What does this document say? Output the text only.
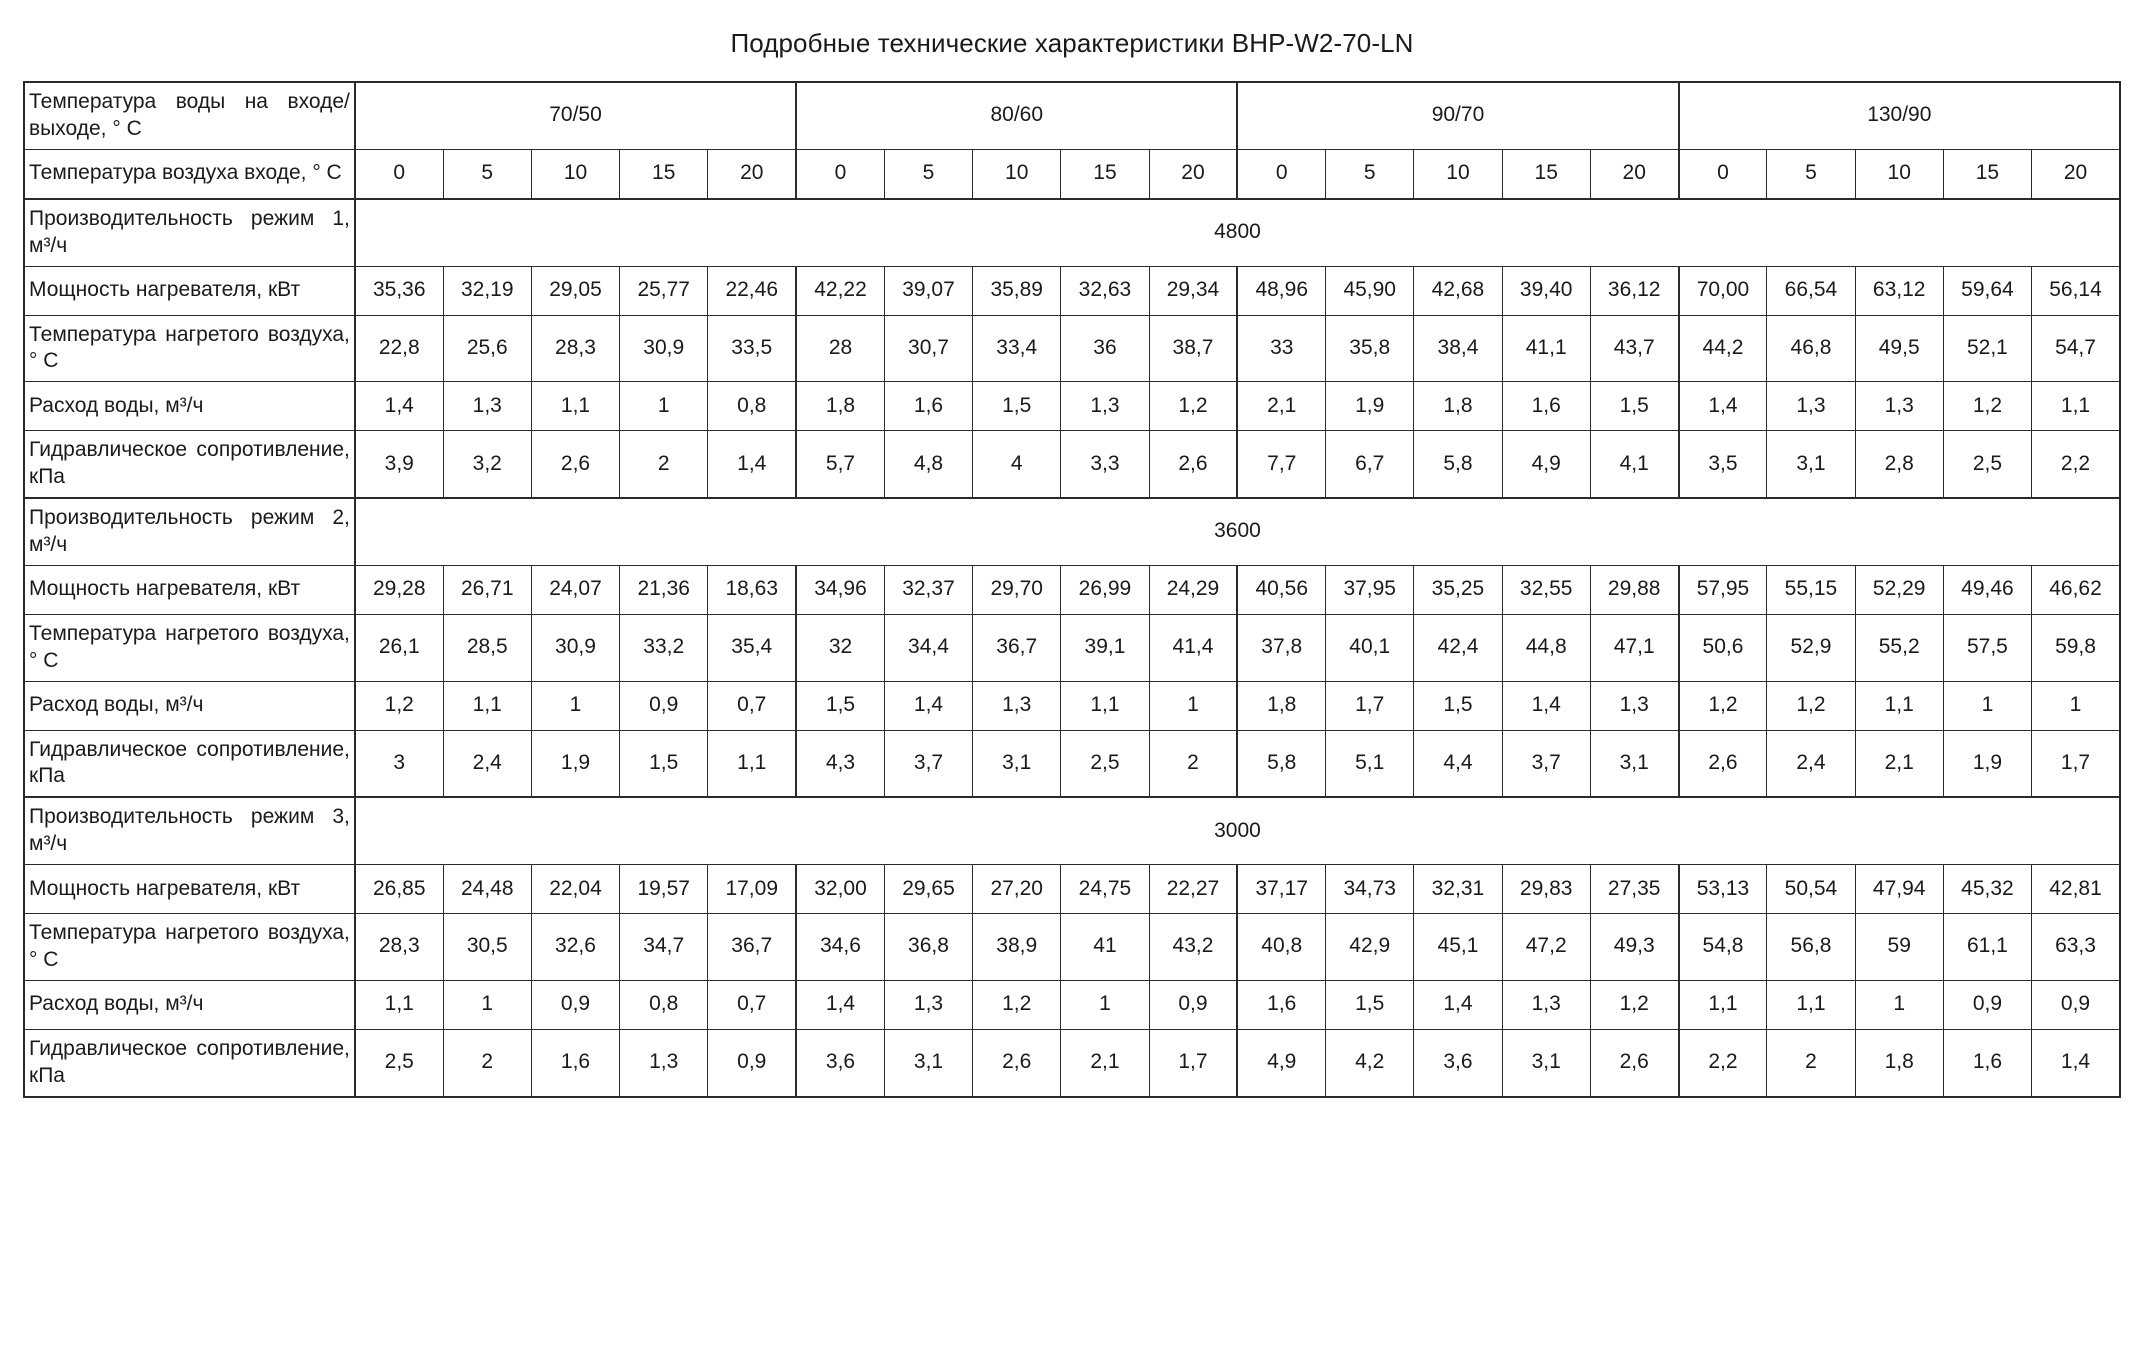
Подробные технические характеристики BHP-W2-70-LN
Температура воды на входе/выходе, ° С	70/50					80/60					90/70					130/90				

Температура воздуха входе, ° С	0	5	10	15	20	0	5	10	15	20	0	5	10	15	20	0	5	10	15	20

Производительность режим 1, м³/ч	4800																			

Мощность нагревателя, кВт	35,36	32,19	29,05	25,77	22,46	42,22	39,07	35,89	32,63	29,34	48,96	45,90	42,68	39,40	36,12	70,00	66,54	63,12	59,64	56,14

Температура нагретого воздуха, ° С	22,8	25,6	28,3	30,9	33,5	28	30,7	33,4	36	38,7	33	35,8	38,4	41,1	43,7	44,2	46,8	49,5	52,1	54,7

Расход воды, м³/ч	1,4	1,3	1,1	1	0,8	1,8	1,6	1,5	1,3	1,2	2,1	1,9	1,8	1,6	1,5	1,4	1,3	1,3	1,2	1,1

Гидравлическое сопротивление, кПа	3,9	3,2	2,6	2	1,4	5,7	4,8	4	3,3	2,6	7,7	6,7	5,8	4,9	4,1	3,5	3,1	2,8	2,5	2,2

Производительность режим 2, м³/ч	3600																			

Мощность нагревателя, кВт	29,28	26,71	24,07	21,36	18,63	34,96	32,37	29,70	26,99	24,29	40,56	37,95	35,25	32,55	29,88	57,95	55,15	52,29	49,46	46,62

Температура нагретого воздуха, ° С	26,1	28,5	30,9	33,2	35,4	32	34,4	36,7	39,1	41,4	37,8	40,1	42,4	44,8	47,1	50,6	52,9	55,2	57,5	59,8

Расход воды, м³/ч	1,2	1,1	1	0,9	0,7	1,5	1,4	1,3	1,1	1	1,8	1,7	1,5	1,4	1,3	1,2	1,2	1,1	1	1

Гидравлическое сопротивление, кПа	3	2,4	1,9	1,5	1,1	4,3	3,7	3,1	2,5	2	5,8	5,1	4,4	3,7	3,1	2,6	2,4	2,1	1,9	1,7

Производительность режим 3, м³/ч	3000																			

Мощность нагревателя, кВт	26,85	24,48	22,04	19,57	17,09	32,00	29,65	27,20	24,75	22,27	37,17	34,73	32,31	29,83	27,35	53,13	50,54	47,94	45,32	42,81

Температура нагретого воздуха, ° С	28,3	30,5	32,6	34,7	36,7	34,6	36,8	38,9	41	43,2	40,8	42,9	45,1	47,2	49,3	54,8	56,8	59	61,1	63,3

Расход воды, м³/ч	1,1	1	0,9	0,8	0,7	1,4	1,3	1,2	1	0,9	1,6	1,5	1,4	1,3	1,2	1,1	1,1	1	0,9	0,9

Гидравлическое сопротивление, кПа	2,5	2	1,6	1,3	0,9	3,6	3,1	2,6	2,1	1,7	4,9	4,2	3,6	3,1	2,6	2,2	2	1,8	1,6	1,4
